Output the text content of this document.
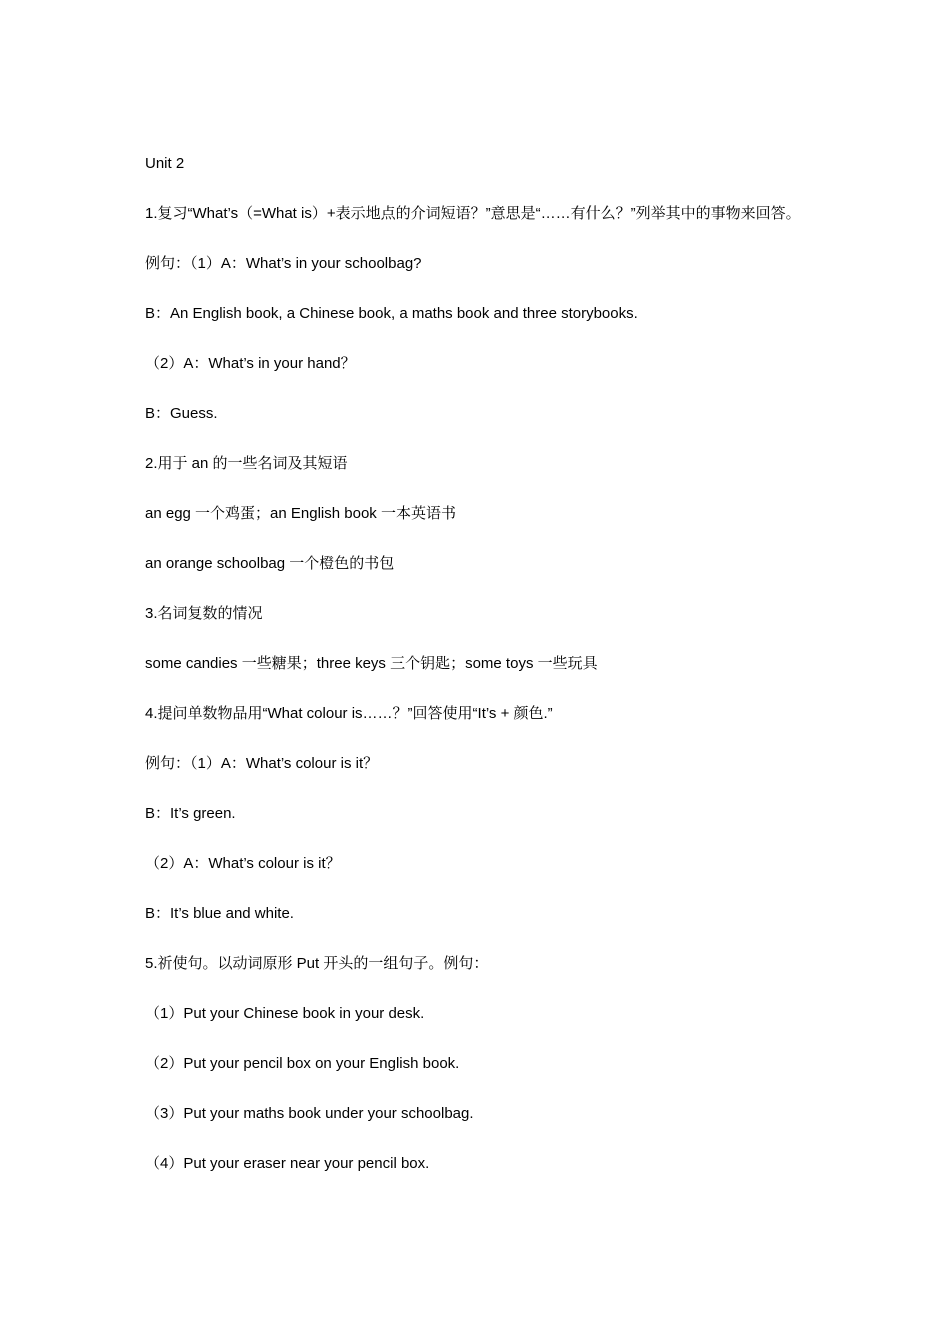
Unit 2

1.复习“What’s（=What is）+表示地点的介词短语？”意思是“……有什么？”列举其中的事物来回答。

例句：（1）A：What’s in your schoolbag?

B：An English book, a Chinese book, a maths book and three storybooks.

（2）A：What’s in your hand？

B：Guess.

2.用于 an 的一些名词及其短语

an egg 一个鸡蛋；an English book 一本英语书

an orange schoolbag 一个橙色的书包

3.名词复数的情况

some candies 一些糖果；three keys 三个钥匙；some toys 一些玩具

4.提问单数物品用“What colour is……？”回答使用“It’s + 颜色.”

例句：（1）A：What’s colour is it？

B：It’s green.

（2）A：What’s colour is it？

B：It’s blue and white.

5.祈使句。以动词原形 Put 开头的一组句子。例句：

（1）Put your Chinese book in your desk.

（2）Put your pencil box on your English book.

（3）Put your maths book under your schoolbag.

（4）Put your eraser near your pencil box.
